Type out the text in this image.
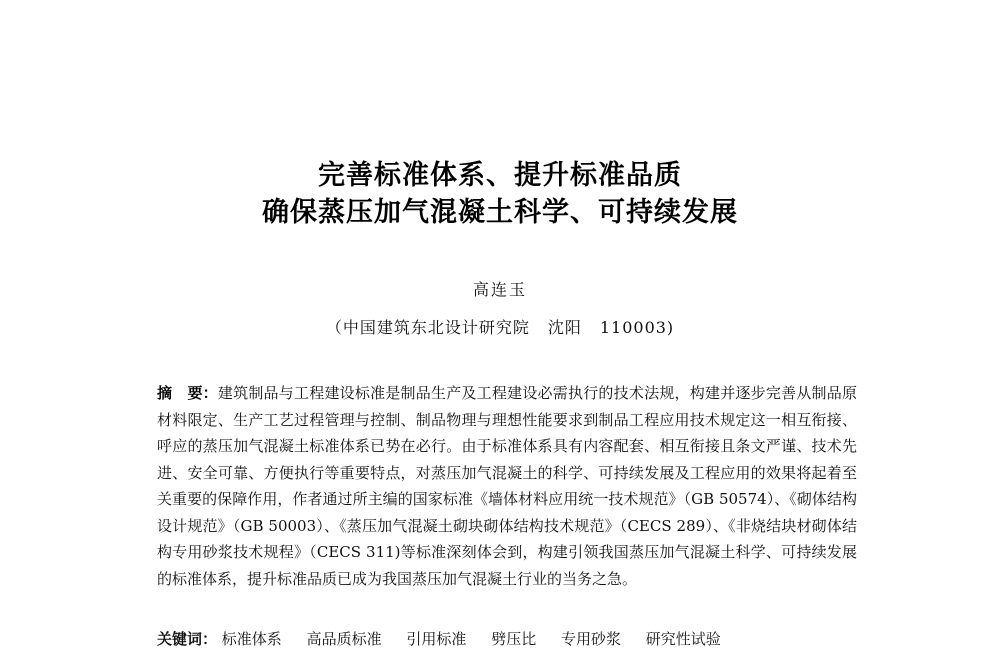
完善标准体系、提升标准品质
确保蒸压加气混凝土科学、可持续发展
高连玉
（中国建筑东北设计研究院 沈阳 110003)
摘　要：建筑制品与工程建设标准是制品生产及工程建设必需执行的技术法规，构建并逐步完善从制品原材料限定、生产工艺过程管理与控制、制品物理与理想性能要求到制品工程应用技术规定这一相互衔接、呼应的蒸压加气混凝土标准体系已势在必行。由于标准体系具有内容配套、相互衔接且条文严谨、技术先进、安全可靠、方便执行等重要特点，对蒸压加气混凝土的科学、可持续发展及工程应用的效果将起着至关重要的保障作用，作者通过所主编的国家标准《墙体材料应用统一技术规范》（GB 50574）、《砌体结构设计规范》（GB 50003）、《蒸压加气混凝土砌块砌体结构技术规范》（CECS 289）、《非烧结块材砌体结构专用砂浆技术规程》（CECS 311)等标准深刻体会到，构建引领我国蒸压加气混凝土科学、可持续发展的标准体系，提升标准品质已成为我国蒸压加气混凝土行业的当务之急。
关键词： 标准体系 高品质标准 引用标准 劈压比 专用砂浆 研究性试验
